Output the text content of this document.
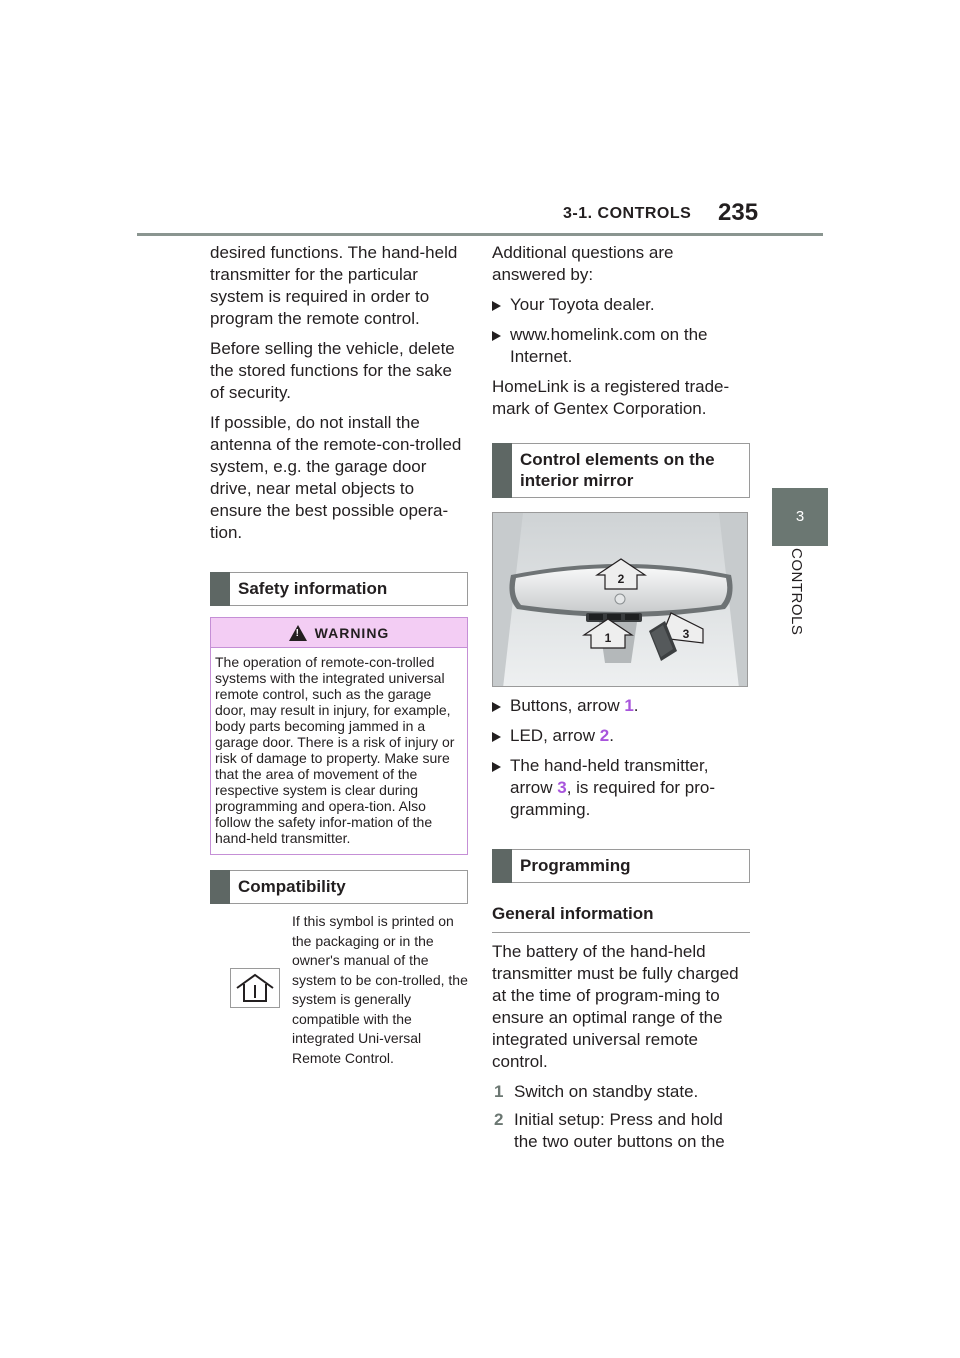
3-1. CONTROLS 235
3
CONTROLS

desired functions. The hand-held transmitter for the particular system is required in order to program the remote control.

Before selling the vehicle, delete the stored functions for the sake of security.

If possible, do not install the antenna of the remote-con-trolled system, e.g. the garage door drive, near metal objects to ensure the best possible opera-tion.

Safety information
!
WARNING
The operation of remote-con-trolled systems with the integrated universal remote control, such as the garage door, may result in injury, for example, body parts becoming jammed in a garage door. There is a risk of injury or risk of damage to property. Make sure that the area of movement of the respective system is clear during programming and opera-tion. Also follow the safety infor-mation of the hand-held transmitter.
Compatibility
If this symbol is printed on the packaging or in the owner's manual of the system to be con-trolled, the system is generally compatible with the integrated Uni-versal Remote Control.

Additional questions are answered by:

Your Toyota dealer.
www.homelink.com on the Internet.

HomeLink is a registered trade-mark of Gentex Corporation.

Control elements on the interior mirror
2
1	3
Buttons, arrow 1.
LED, arrow 2.
The hand-held transmitter, arrow 3, is required for pro-gramming.
Programming
General information

The battery of the hand-held transmitter must be fully charged at the time of program-ming to ensure an optimal range of the integrated universal remote control.

1 Switch on standby state.
2 Initial setup: Press and hold the two outer buttons on the
